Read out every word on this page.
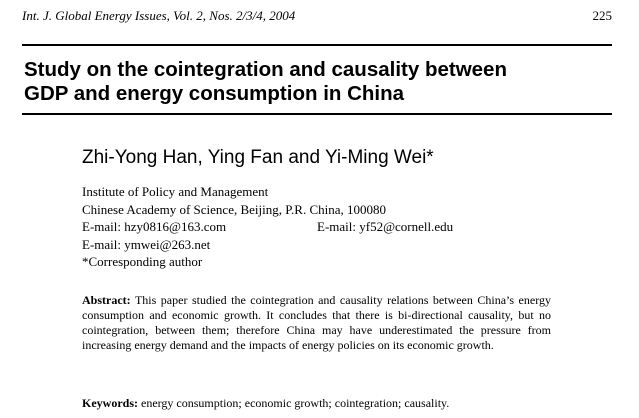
Int. J. Global Energy Issues, Vol. 2, Nos. 2/3/4, 2004	225
Study on the cointegration and causality between
GDP and energy consumption in China
Zhi-Yong Han, Ying Fan and Yi-Ming Wei*
Institute of Policy and Management
Chinese Academy of Science, Beijing, P.R. China, 100080
E-mail: hzy0816@163.com	E-mail: yf52@cornell.edu
E-mail: ymwei@263.net
*Corresponding author
Abstract: This paper studied the cointegration and causality relations between China’s energy consumption and economic growth. It concludes that there is bi-directional causality, but no cointegration, between them; therefore China may have underestimated the pressure from increasing energy demand and the impacts of energy policies on its economic growth.
Keywords: energy consumption; economic growth; cointegration; causality.
